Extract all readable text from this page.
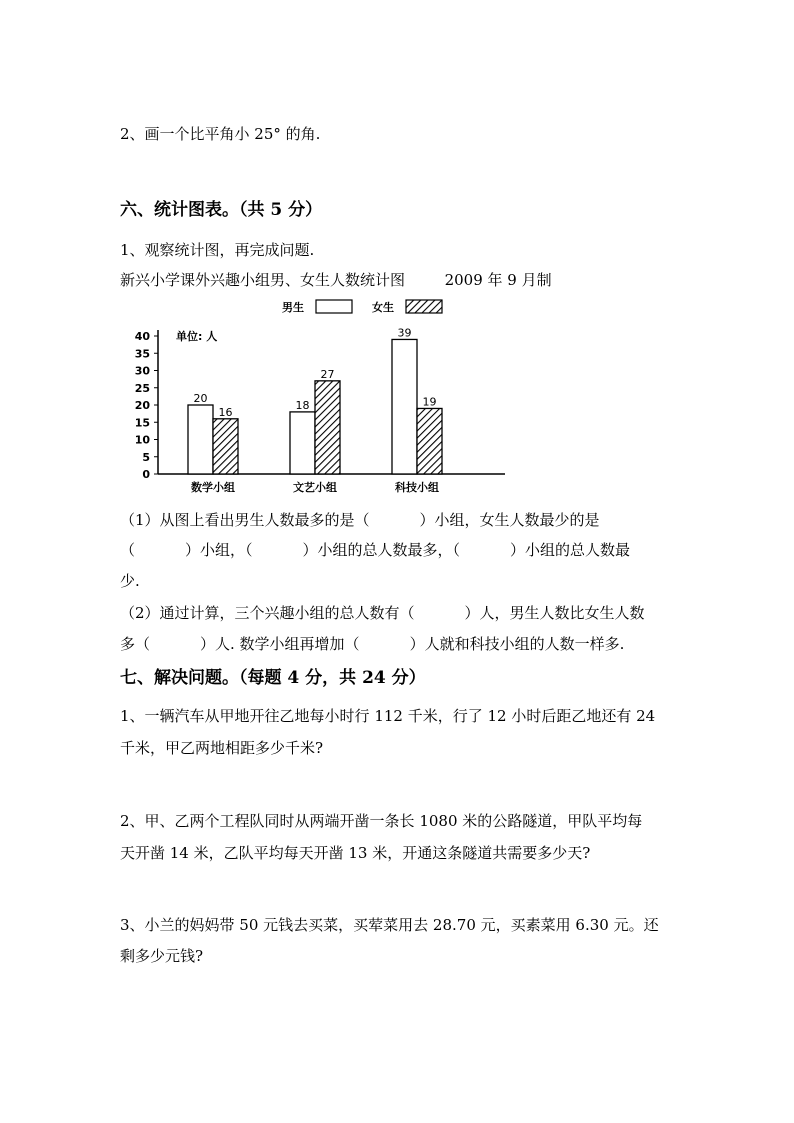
2、画一个比平角小 25° 的角.
六、统计图表。（共 5 分）
1、观察统计图，再完成问题.
新兴小学课外兴趣小组男、女生人数统计图	2009 年 9 月制
0
5
10
15
20
25
30
35
40 单位: 人
20
16
数学小组
18
27
文艺小组
39
19
科技小组
男生	女生
（1）从图上看出男生人数最多的是（	）小组，女生人数最少的是
（	）小组，（	）小组的总人数最多，（	）小组的总人数最
少.
（2）通过计算，三个兴趣小组的总人数有（	）人，男生人数比女生人数
多（	）人. 数学小组再增加（	）人就和科技小组的人数一样多.
七、解决问题。（每题 4 分，共 24 分）
1、一辆汽车从甲地开往乙地每小时行 112 千米，行了 12 小时后距乙地还有 24
千米，甲乙两地相距多少千米?
2、甲、乙两个工程队同时从两端开凿一条长 1080 米的公路隧道，甲队平均每
天开凿 14 米，乙队平均每天开凿 13 米，开通这条隧道共需要多少天?
3、小兰的妈妈带 50 元钱去买菜，买荤菜用去 28.70 元，买素菜用 6.30 元。还
剩多少元钱?
